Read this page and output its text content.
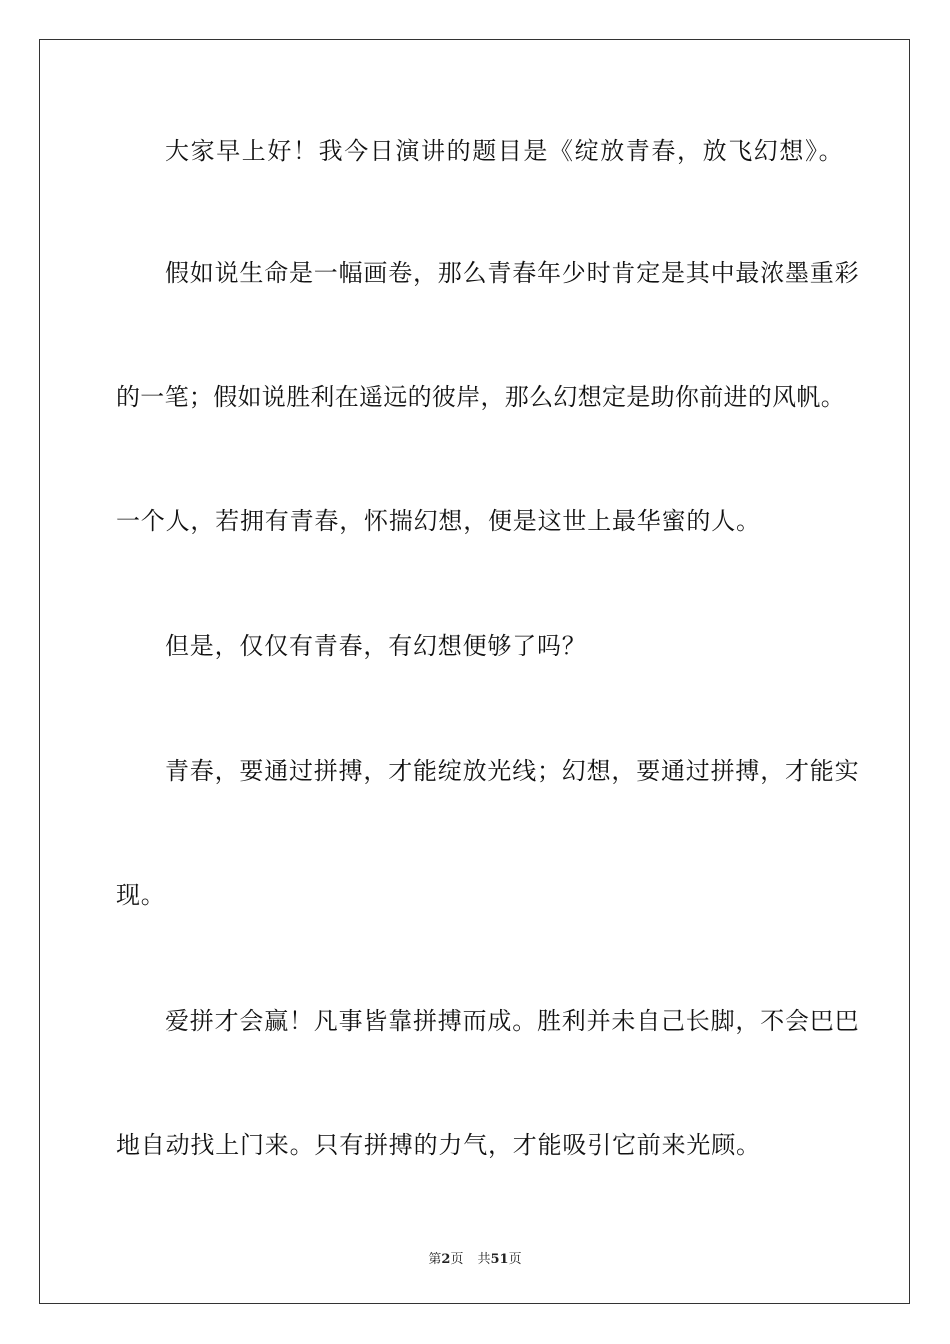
大家早上好！我今日演讲的题目是《绽放青春，放飞幻想》。
假如说生命是一幅画卷，那么青春年少时肯定是其中最浓墨重彩
的一笔；假如说胜利在遥远的彼岸，那么幻想定是助你前进的风帆。
一个人，若拥有青春，怀揣幻想，便是这世上最华蜜的人。
但是，仅仅有青春，有幻想便够了吗？
青春，要通过拼搏，才能绽放光线；幻想，要通过拼搏，才能实
现。
爱拼才会赢！凡事皆靠拼搏而成。胜利并未自己长脚，不会巴巴
地自动找上门来。只有拼搏的力气，才能吸引它前来光顾。
第2页 共51页
